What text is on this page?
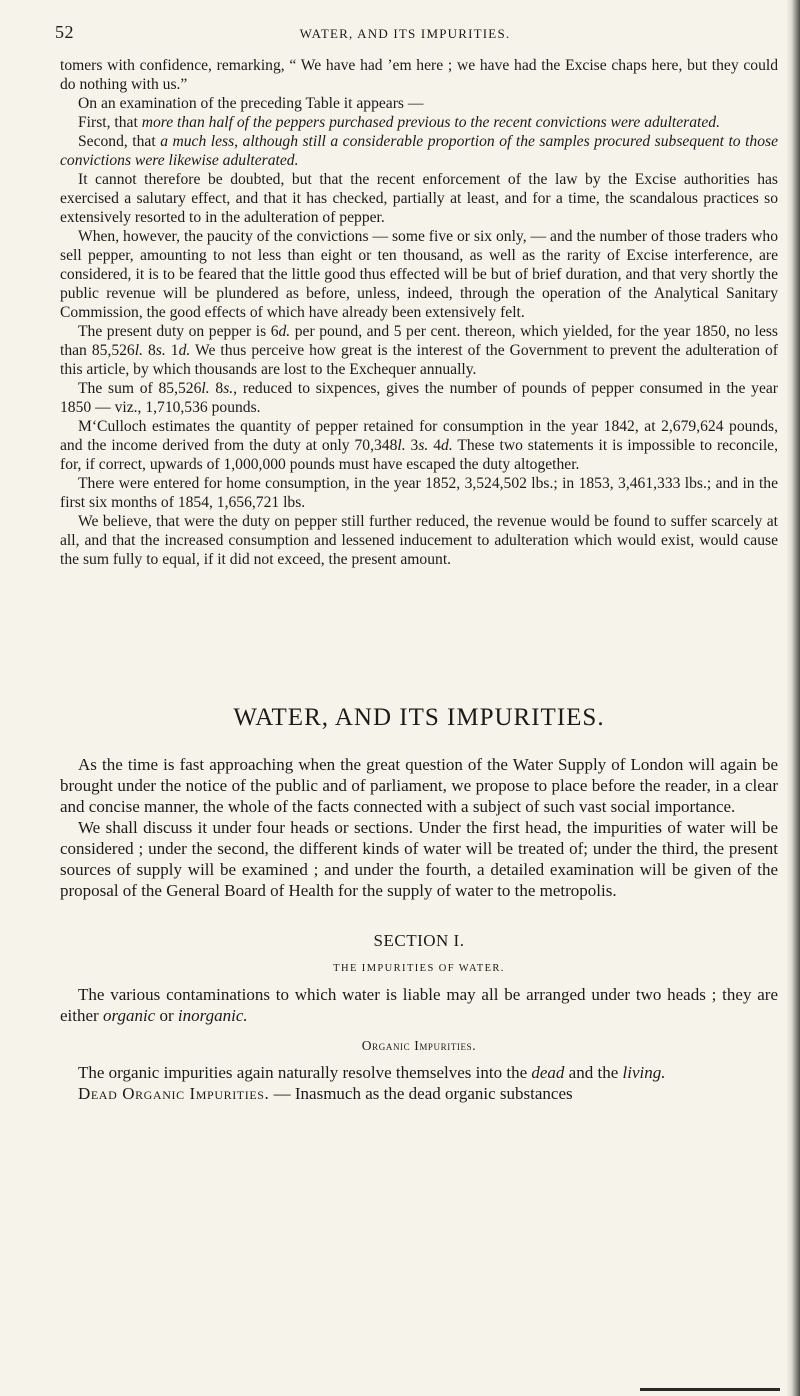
52	WATER, AND ITS IMPURITIES.

tomers with confidence, remarking, “ We have had ’em here ; we have had the Excise chaps here, but they could do nothing with us.”

On an examination of the preceding Table it appears —

First, that more than half of the peppers purchased previous to the recent convictions were adulterated.

Second, that a much less, although still a considerable proportion of the samples procured subsequent to those convictions were likewise adulterated.

It cannot therefore be doubted, but that the recent enforcement of the law by the Excise authorities has exercised a salutary effect, and that it has checked, partially at least, and for a time, the scandalous practices so extensively resorted to in the adulteration of pepper.

When, however, the paucity of the convictions — some five or six only, — and the number of those traders who sell pepper, amounting to not less than eight or ten thousand, as well as the rarity of Excise interference, are considered, it is to be feared that the little good thus effected will be but of brief duration, and that very shortly the public revenue will be plundered as before, unless, indeed, through the operation of the Analytical Sanitary Commission, the good effects of which have already been extensively felt.

The present duty on pepper is 6d. per pound, and 5 per cent. thereon, which yielded, for the year 1850, no less than 85,526l. 8s. 1d. We thus perceive how great is the interest of the Government to prevent the adulteration of this article, by which thousands are lost to the Exchequer annually.

The sum of 85,526l. 8s., reduced to sixpences, gives the number of pounds of pepper consumed in the year 1850 — viz., 1,710,536 pounds.

M‘Culloch estimates the quantity of pepper retained for consumption in the year 1842, at 2,679,624 pounds, and the income derived from the duty at only 70,348l. 3s. 4d. These two statements it is impossible to reconcile, for, if correct, upwards of 1,000,000 pounds must have escaped the duty altogether.

There were entered for home consumption, in the year 1852, 3,524,502 lbs.; in 1853, 3,461,333 lbs.; and in the first six months of 1854, 1,656,721 lbs.

We believe, that were the duty on pepper still further reduced, the revenue would be found to suffer scarcely at all, and that the increased consumption and lessened inducement to adulteration which would exist, would cause the sum fully to equal, if it did not exceed, the present amount.

WATER, AND ITS IMPURITIES.

As the time is fast approaching when the great question of the Water Supply of London will again be brought under the notice of the public and of parliament, we propose to place before the reader, in a clear and concise manner, the whole of the facts connected with a subject of such vast social importance.

We shall discuss it under four heads or sections. Under the first head, the impurities of water will be considered ; under the second, the different kinds of water will be treated of; under the third, the present sources of supply will be examined ; and under the fourth, a detailed examination will be given of the proposal of the General Board of Health for the supply of water to the metropolis.

SECTION I.
THE IMPURITIES OF WATER.

The various contaminations to which water is liable may all be arranged under two heads ; they are either organic or inorganic.

Organic Impurities.

The organic impurities again naturally resolve themselves into the dead and the living.

Dead Organic Impurities. — Inasmuch as the dead organic substances
